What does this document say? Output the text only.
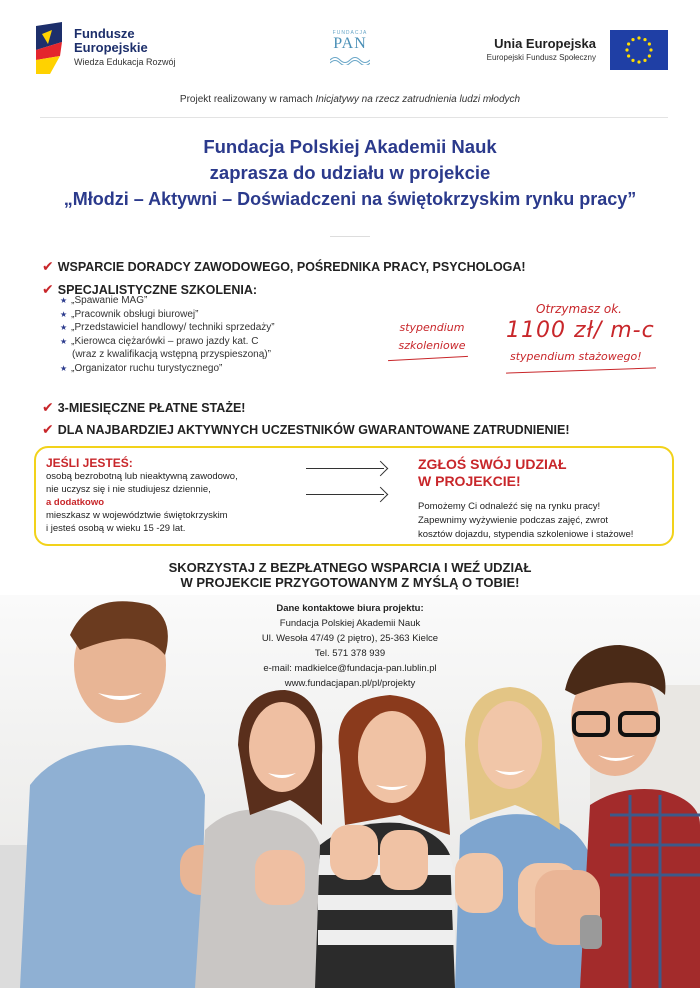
Fundusze
Europejskie
Wiedza Edukacja Rozwój
FUNDACJA
PAN	Unia Europejska
Europejski Fundusz Społeczny
Projekt realizowany w ramach Inicjatywy na rzecz zatrudnienia ludzi młodych
Fundacja Polskiej Akademii Nauk
zaprasza do udziału w projekcie
„Młodzi – Aktywni – Doświadczeni na świętokrzyskim rynku pracy”
✔ WSPARCIE DORADCY ZAWODOWEGO, POŚREDNIKA PRACY, PSYCHOLOGA!
✔ SPECJALISTYCZNE SZKOLENIA:
★ „Spawanie MAG”
★ „Pracownik obsługi biurowej”
★ „Przedstawiciel handlowy/ techniki sprzedaży”
★ „Kierowca ciężarówki – prawo jazdy kat. C
(wraz z kwalifikacją wstępną przyspieszoną)”
★ „Organizator ruchu turystycznego”
stypendium
szkoleniowe
Otrzymasz ok.
1100 zł/ m-c
stypendium stażowego!
✔ 3-MIESIĘCZNE PŁATNE STAŻE!
✔ DLA NAJBARDZIEJ AKTYWNYCH UCZESTNIKÓW GWARANTOWANE ZATRUDNIENIE!
JEŚLI JESTEŚ:
osobą bezrobotną lub nieaktywną zawodowo,
nie uczysz się i nie studiujesz dziennie,
a dodatkowo
mieszkasz w województwie świętokrzyskim
i jesteś osobą w wieku 15 -29 lat.
ZGŁOŚ SWÓJ UDZIAŁ
W PROJEKCIE!
Pomożemy Ci odnaleźć się na rynku pracy!
Zapewnimy wyżywienie podczas zajęć, zwrot
kosztów dojazdu, stypendia szkoleniowe i stażowe!
SKORZYSTAJ Z BEZPŁATNEGO WSPARCIA I WEŹ UDZIAŁ
W PROJEKCIE PRZYGOTOWANYM Z MYŚLĄ O TOBIE!
Dane kontaktowe biura projektu:
Fundacja Polskiej Akademii Nauk
Ul. Wesoła 47/49 (2 piętro), 25-363 Kielce
Tel. 571 378 939
e-mail: madkielce@fundacja-pan.lublin.pl
www.fundacjapan.pl/pl/projekty
